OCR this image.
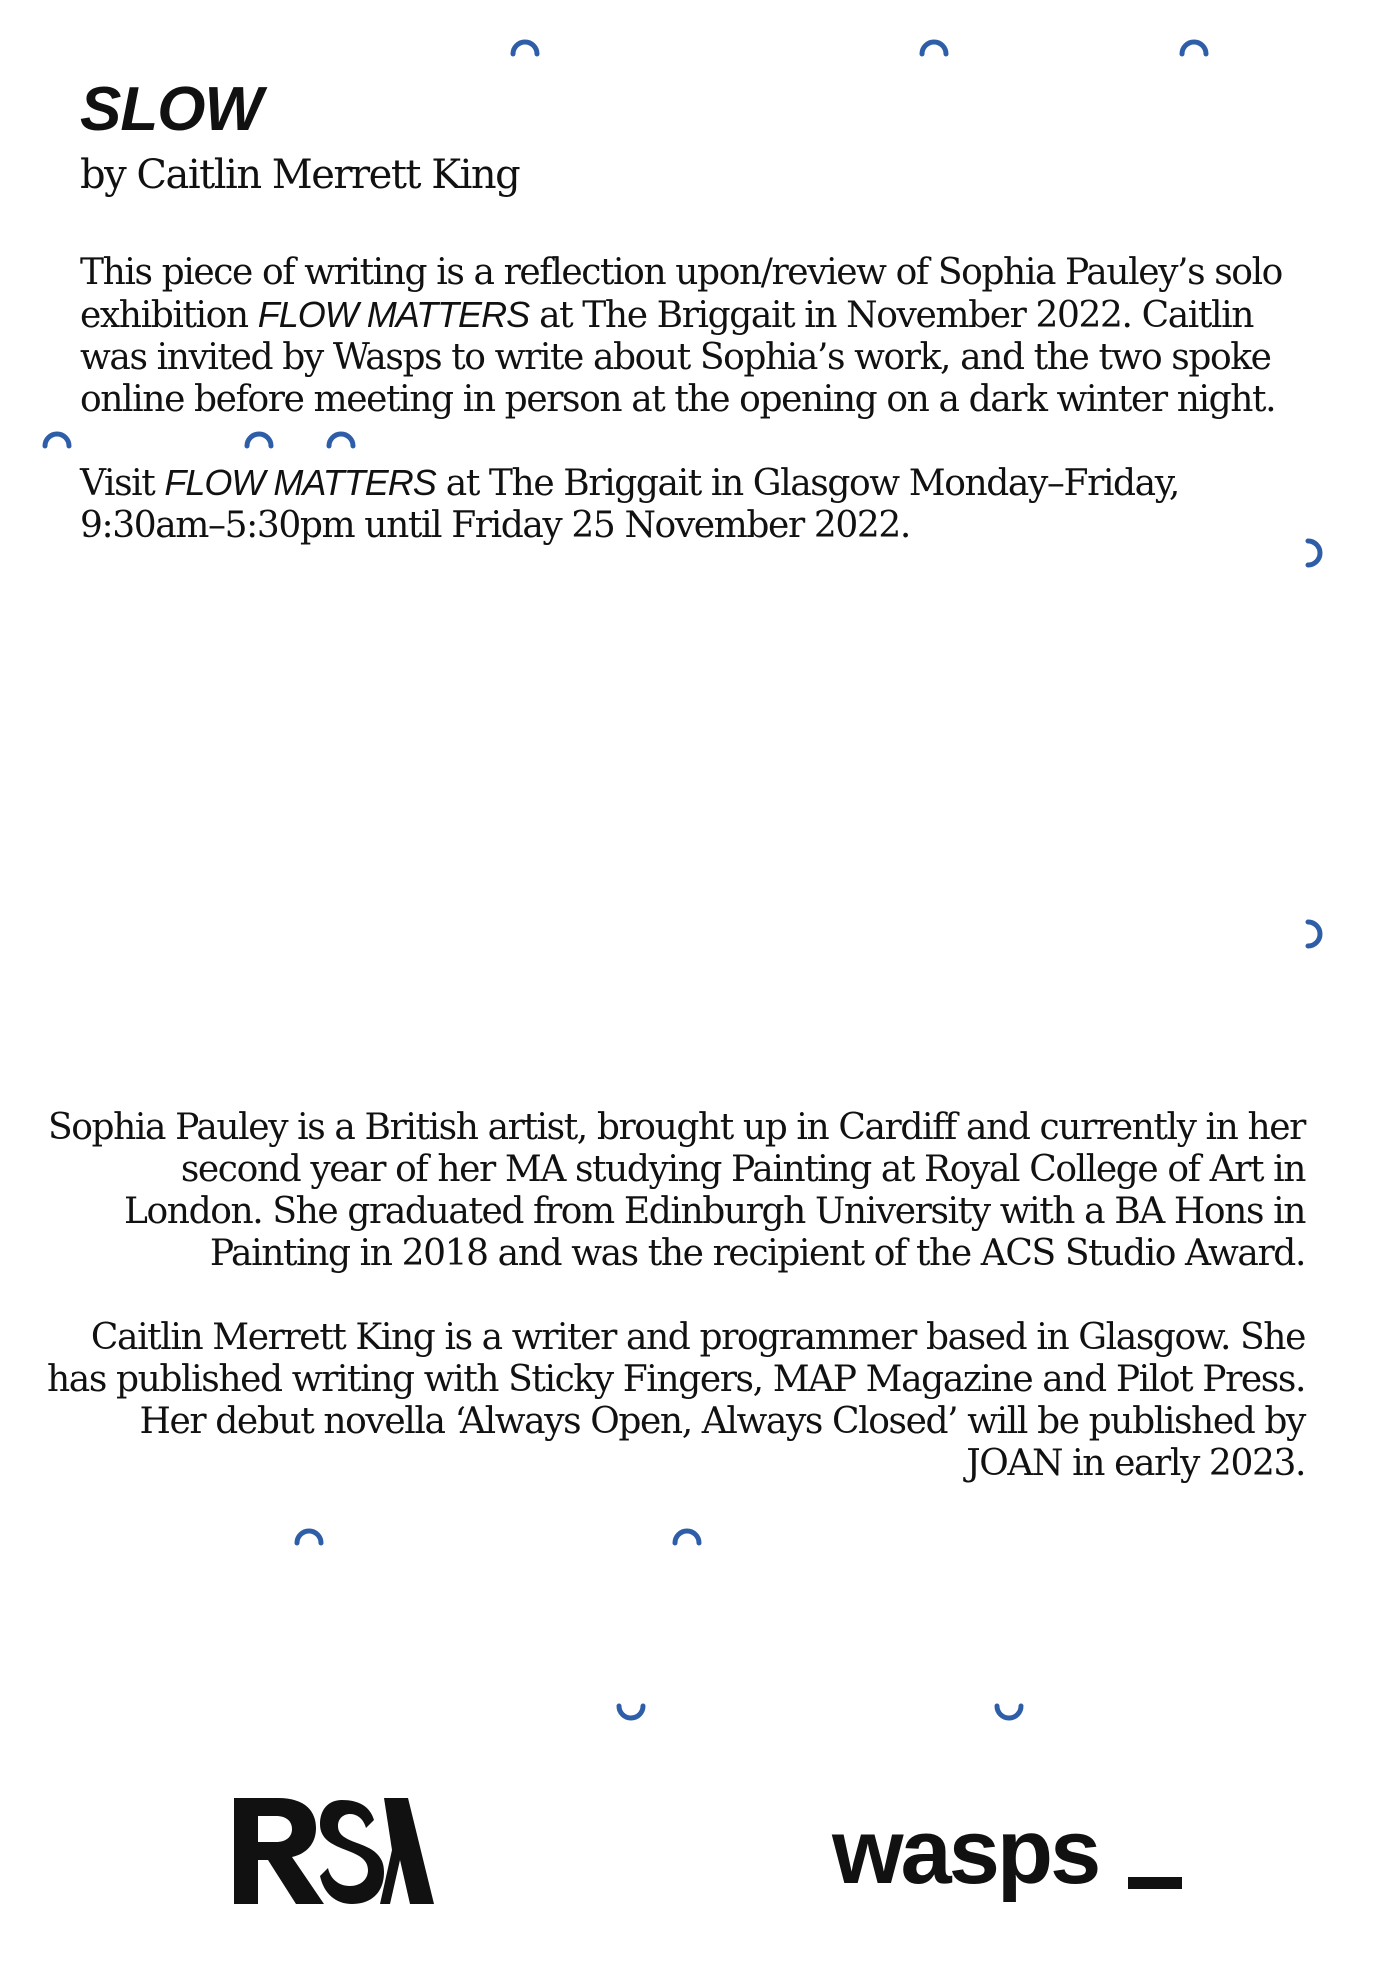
SLOW

by Caitlin Merrett King

This piece of writing is a reflection upon/review of Sophia Pauley’s solo exhibition FLOW MATTERS at The Briggait in November 2022. Caitlin was invited by Wasps to write about Sophia’s work, and the two spoke online before meeting in person at the opening on a dark winter night.

Visit FLOW MATTERS at The Briggait in Glasgow Monday–Friday, 9:30am–5:30pm until Friday 25 November 2022.

Sophia Pauley is a British artist, brought up in Cardiff and currently in her second year of her MA studying Painting at Royal College of Art in London. She graduated from Edinburgh University with a BA Hons in Painting in 2018 and was the recipient of the ACS Studio Award.

Caitlin Merrett King is a writer and programmer based in Glasgow. She has published writing with Sticky Fingers, MAP Magazine and Pilot Press. Her debut novella ‘Always Open, Always Closed’ will be published by JOAN in early 2023.

wasps
